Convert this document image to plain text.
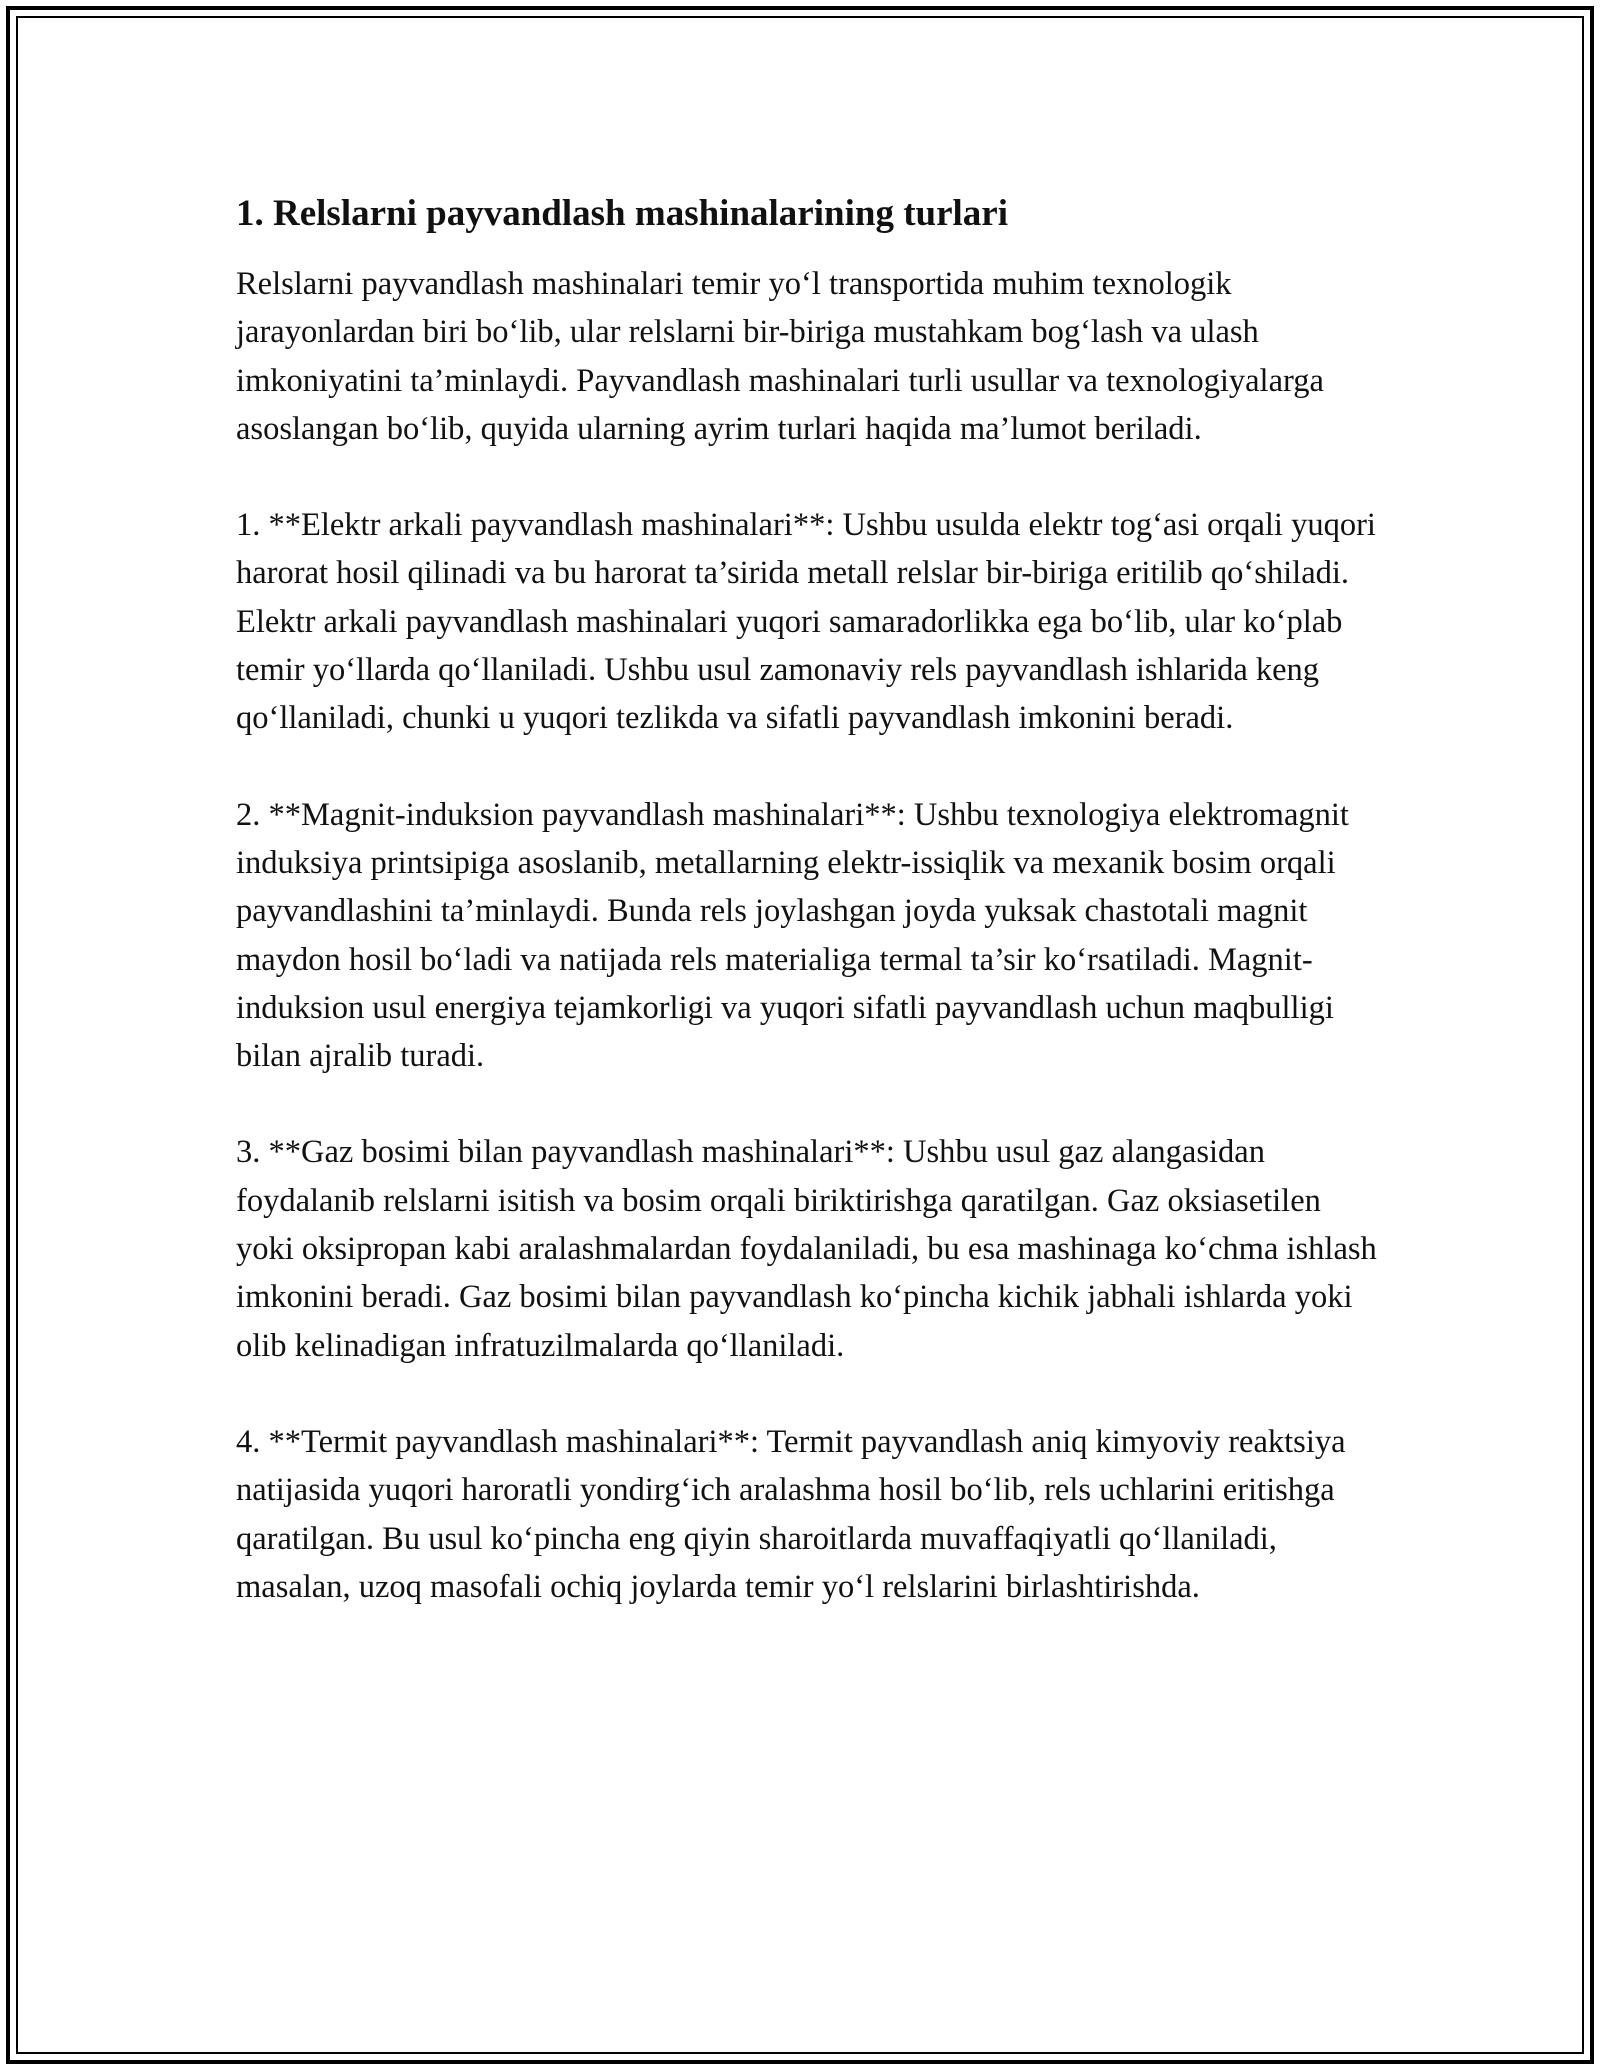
1. Relslarni payvandlash mashinalarining turlari

Relslarni payvandlash mashinalari temir yo‘l transportida muhim texnologik jarayonlardan biri bo‘lib, ular relslarni bir-biriga mustahkam bog‘lash va ulash imkoniyatini ta’minlaydi. Payvandlash mashinalari turli usullar va texnologiyalarga asoslangan bo‘lib, quyida ularning ayrim turlari haqida ma’lumot beriladi.

1. **Elektr arkali payvandlash mashinalari**: Ushbu usulda elektr tog‘asi orqali yuqori harorat hosil qilinadi va bu harorat ta’sirida metall relslar bir-biriga eritilib qo‘shiladi. Elektr arkali payvandlash mashinalari yuqori samaradorlikka ega bo‘lib, ular ko‘plab temir yo‘llarda qo‘llaniladi. Ushbu usul zamonaviy rels payvandlash ishlarida keng qo‘llaniladi, chunki u yuqori tezlikda va sifatli payvandlash imkonini beradi.

2. **Magnit-induksion payvandlash mashinalari**: Ushbu texnologiya elektromagnit induksiya printsipiga asoslanib, metallarning elektr-issiqlik va mexanik bosim orqali payvandlashini ta’minlaydi. Bunda rels joylashgan joyda yuksak chastotali magnit maydon hosil bo‘ladi va natijada rels materialiga termal ta’sir ko‘rsatiladi. Magnit-induksion usul energiya tejamkorligi va yuqori sifatli payvandlash uchun maqbulligi bilan ajralib turadi.

3. **Gaz bosimi bilan payvandlash mashinalari**: Ushbu usul gaz alangasidan foydalanib relslarni isitish va bosim orqali biriktirishga qaratilgan. Gaz oksiasetilen yoki oksipropan kabi aralashmalardan foydalaniladi, bu esa mashinaga ko‘chma ishlash imkonini beradi. Gaz bosimi bilan payvandlash ko‘pincha kichik jabhali ishlarda yoki olib kelinadigan infratuzilmalarda qo‘llaniladi.

4. **Termit payvandlash mashinalari**: Termit payvandlash aniq kimyoviy reaktsiya natijasida yuqori haroratli yondirg‘ich aralashma hosil bo‘lib, rels uchlarini eritishga qaratilgan. Bu usul ko‘pincha eng qiyin sharoitlarda muvaffaqiyatli qo‘llaniladi, masalan, uzoq masofali ochiq joylarda temir yo‘l relslarini birlashtirishda.
